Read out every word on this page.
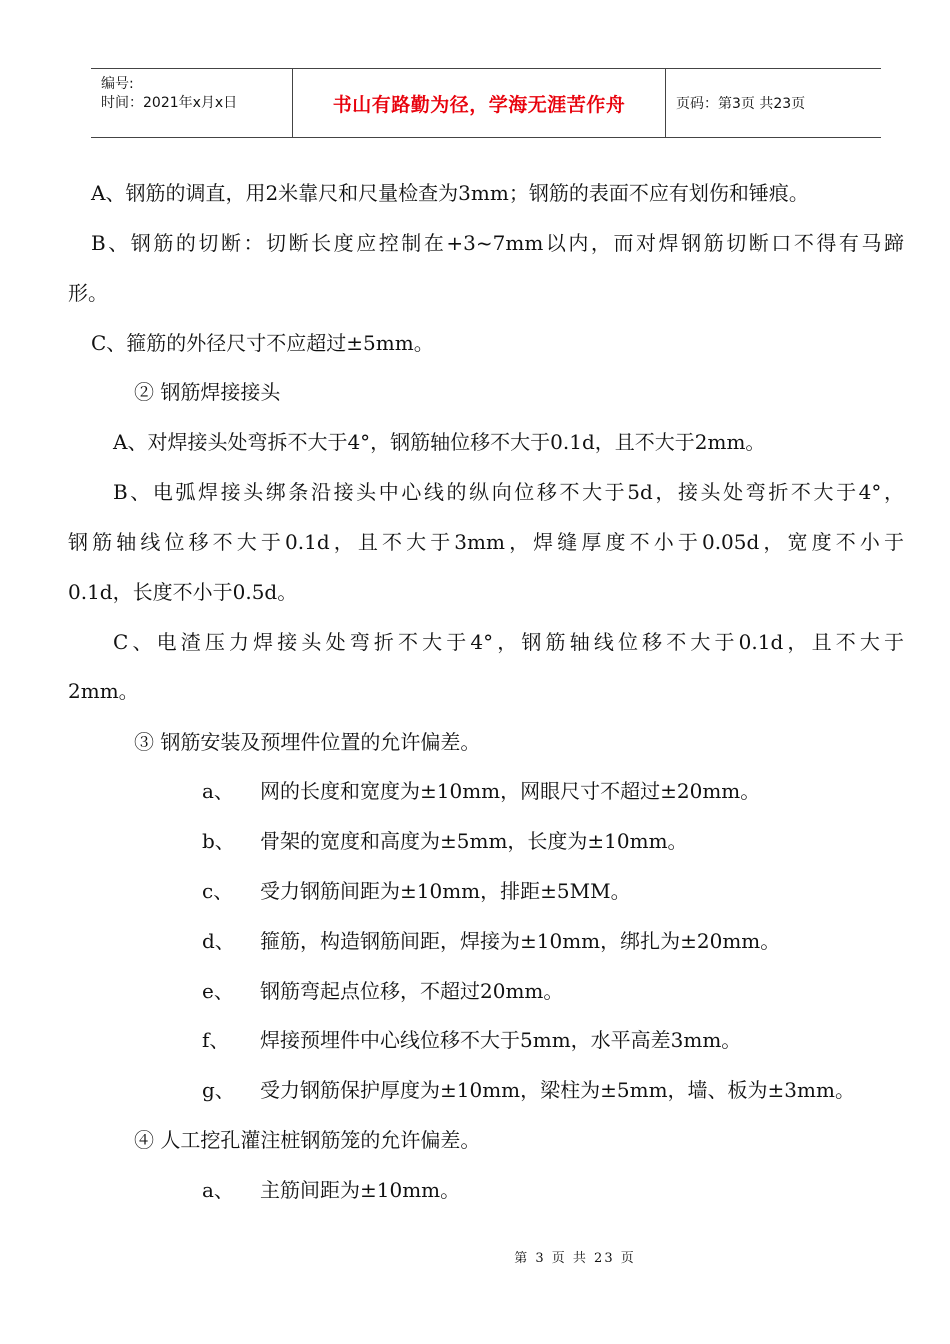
编号:
时间：2021年x月x日	书山有路勤为径，学海无涯苦作舟	页码：第3页 共23页
A、钢筋的调直，用2米靠尺和尺量检查为3mm；钢筋的表面不应有划伤和锤痕。
B、钢筋的切断：切断长度应控制在+3~7mm以内，而对焊钢筋切断口不得有马蹄
形。
C、箍筋的外径尺寸不应超过±5mm。
② 钢筋焊接接头
A、对焊接头处弯拆不大于4°，钢筋轴位移不大于0.1d，且不大于2mm。
B、电弧焊接头绑条沿接头中心线的纵向位移不大于5d，接头处弯折不大于4°，
钢筋轴线位移不大于0.1d，且不大于3mm，焊缝厚度不小于0.05d，宽度不小于
0.1d，长度不小于0.5d。
C、电渣压力焊接头处弯折不大于4°，钢筋轴线位移不大于0.1d，且不大于
2mm。
③ 钢筋安装及预埋件位置的允许偏差。
a、 网的长度和宽度为±10mm，网眼尺寸不超过±20mm。
b、 骨架的宽度和高度为±5mm，长度为±10mm。
c、 受力钢筋间距为±10mm，排距±5MM。
d、 箍筋，构造钢筋间距，焊接为±10mm，绑扎为±20mm。
e、 钢筋弯起点位移，不超过20mm。
f、 焊接预埋件中心线位移不大于5mm，水平高差3mm。
g、 受力钢筋保护厚度为±10mm，梁柱为±5mm，墙、板为±3mm。
④ 人工挖孔灌注桩钢筋笼的允许偏差。
a、 主筋间距为±10mm。
第 3 页 共 23 页
